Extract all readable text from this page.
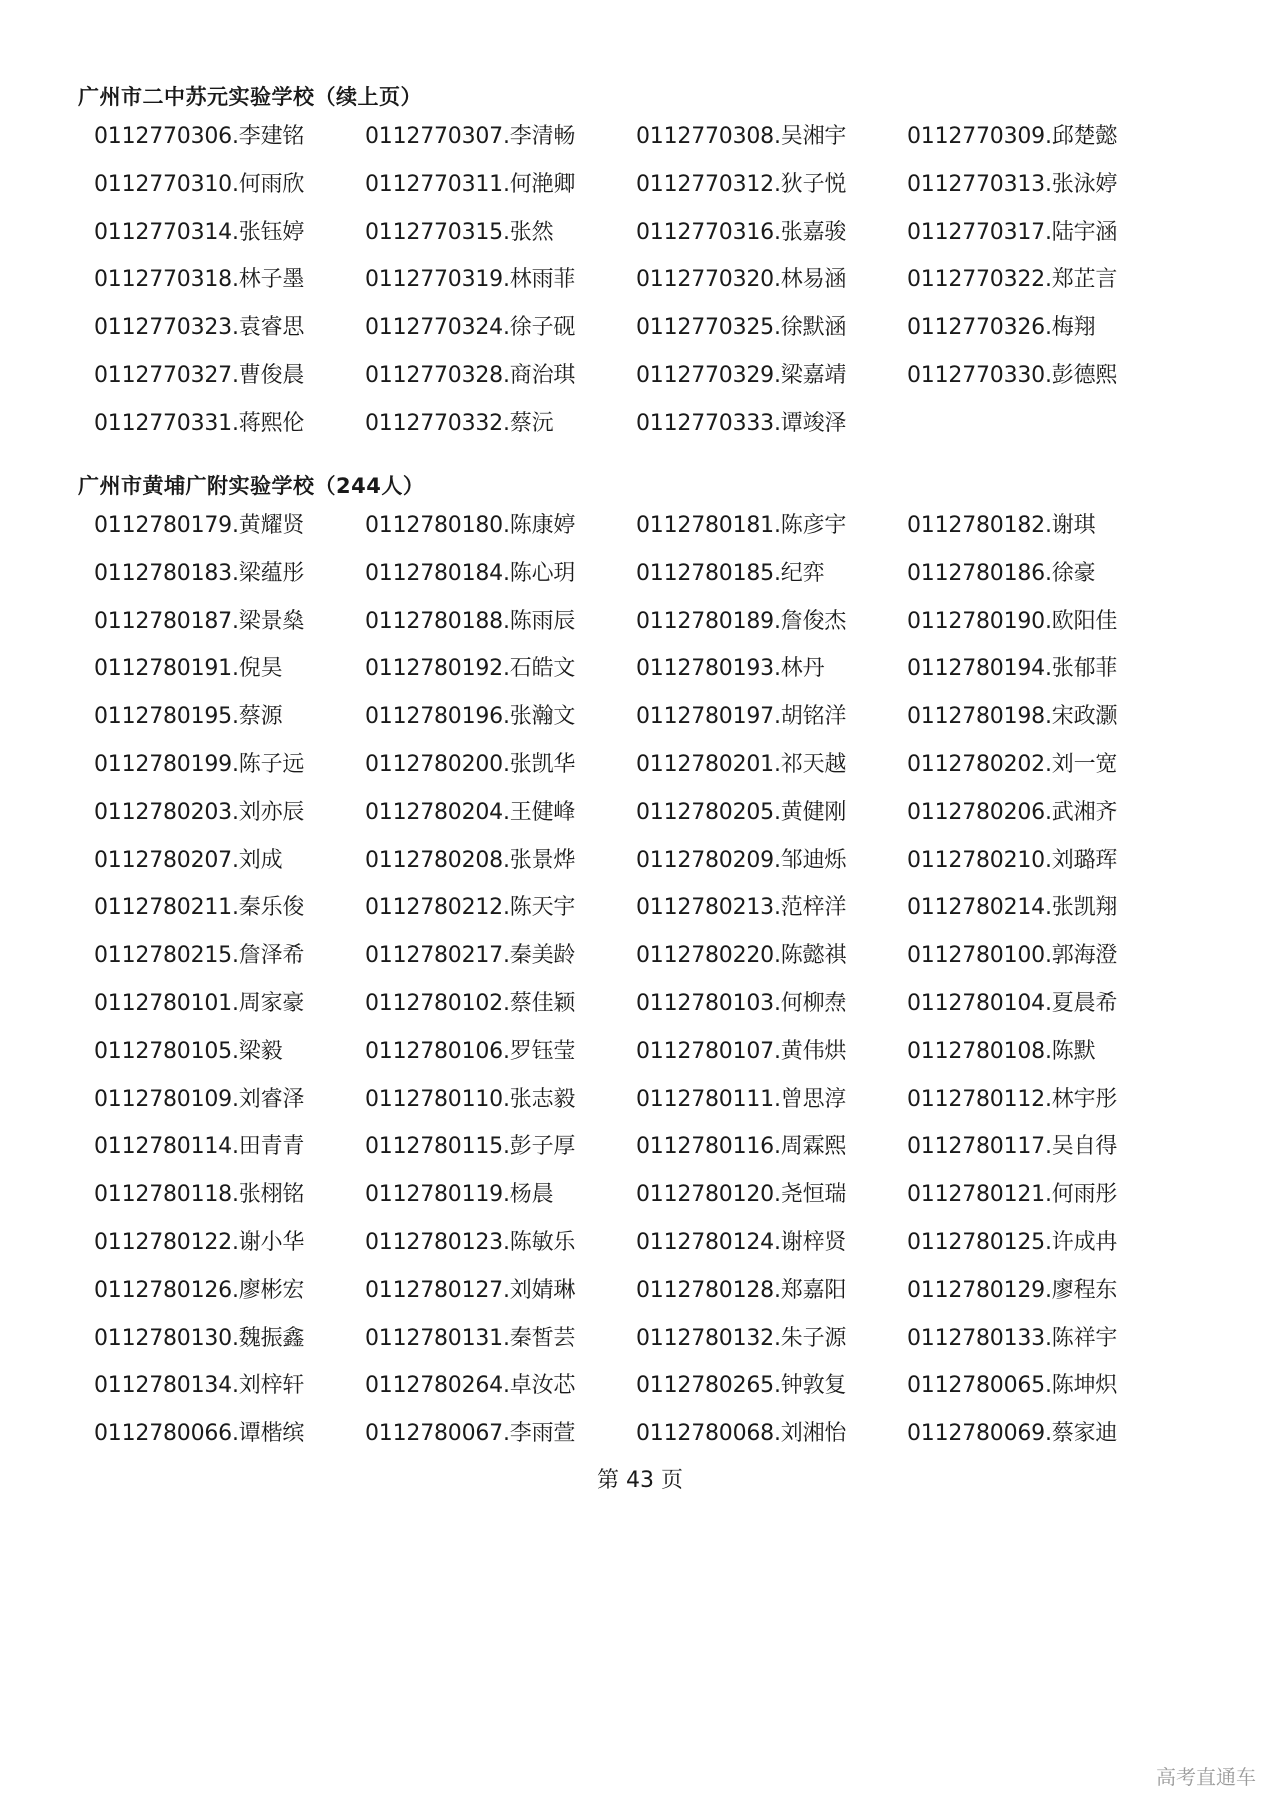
广州市二中苏元实验学校（续上页）
0112770306.李建铭	0112770307.李清畅	0112770308.吴湘宇	0112770309.邱楚懿
0112770310.何雨欣	0112770311.何滟卿	0112770312.狄子悦	0112770313.张泳婷
0112770314.张钰婷	0112770315.张然	0112770316.张嘉骏	0112770317.陆宇涵
0112770318.林子墨	0112770319.林雨菲	0112770320.林易涵	0112770322.郑芷言
0112770323.袁睿思	0112770324.徐子砚	0112770325.徐默涵	0112770326.梅翔
0112770327.曹俊晨	0112770328.商治琪	0112770329.梁嘉靖	0112770330.彭德熙
0112770331.蒋熙伦	0112770332.蔡沅	0112770333.谭竣泽
广州市黄埔广附实验学校（244人）
0112780179.黄耀贤	0112780180.陈康婷	0112780181.陈彦宇	0112780182.谢琪
0112780183.梁蕴彤	0112780184.陈心玥	0112780185.纪弈	0112780186.徐豪
0112780187.梁景燊	0112780188.陈雨辰	0112780189.詹俊杰	0112780190.欧阳佳
0112780191.倪昊	0112780192.石皓文	0112780193.林丹	0112780194.张郁菲
0112780195.蔡源	0112780196.张瀚文	0112780197.胡铭洋	0112780198.宋政灏
0112780199.陈子远	0112780200.张凯华	0112780201.祁天越	0112780202.刘一宽
0112780203.刘亦辰	0112780204.王健峰	0112780205.黄健刚	0112780206.武湘齐
0112780207.刘成	0112780208.张景烨	0112780209.邹迪烁	0112780210.刘璐珲
0112780211.秦乐俊	0112780212.陈天宇	0112780213.范梓洋	0112780214.张凯翔
0112780215.詹泽希	0112780217.秦美龄	0112780220.陈懿祺	0112780100.郭海澄
0112780101.周家豪	0112780102.蔡佳颖	0112780103.何柳焘	0112780104.夏晨希
0112780105.梁毅	0112780106.罗钰莹	0112780107.黄伟烘	0112780108.陈默
0112780109.刘睿泽	0112780110.张志毅	0112780111.曾思淳	0112780112.林宇彤
0112780114.田青青	0112780115.彭子厚	0112780116.周霖熙	0112780117.吴自得
0112780118.张栩铭	0112780119.杨晨	0112780120.尧恒瑞	0112780121.何雨彤
0112780122.谢小华	0112780123.陈敏乐	0112780124.谢梓贤	0112780125.许成冉
0112780126.廖彬宏	0112780127.刘婧琳	0112780128.郑嘉阳	0112780129.廖程东
0112780130.魏振鑫	0112780131.秦皙芸	0112780132.朱子源	0112780133.陈祥宇
0112780134.刘梓轩	0112780264.卓汝芯	0112780265.钟敦复	0112780065.陈坤炽
0112780066.谭楷缤	0112780067.李雨萱	0112780068.刘湘怡	0112780069.蔡家迪
第 43 页
高考直通车
